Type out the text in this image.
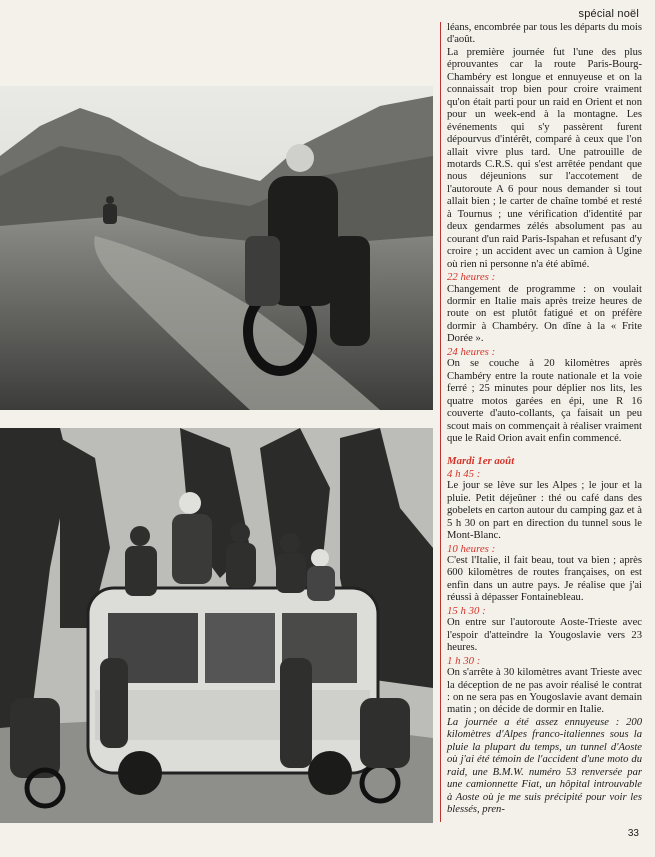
spécial noël

léans, encombrée par tous les départs du mois d'août.

La première journée fut l'une des plus éprouvantes car la route Paris-Bourg-Chambéry est longue et ennuyeuse et on la connaissait trop bien pour croire vraiment qu'on était parti pour un raid en Orient et non pour un week-end à la montagne. Les événements qui s'y passèrent furent dépourvus d'intérêt, comparé à ceux que l'on allait vivre plus tard. Une patrouille de motards C.R.S. qui s'est arrêtée pendant que nous déjeunions sur l'accotement de l'autoroute A 6 pour nous demander si tout allait bien ; le carter de chaîne tombé et resté à Tournus ; une vérification d'identité par deux gendarmes zélés absolument pas au courant d'un raid Paris-Ispahan et refusant d'y croire ; un accident avec un camion à Ugine où rien ni personne n'a été abîmé.

22 heures :

Changement de programme : on voulait dormir en Italie mais après treize heures de route on est plutôt fatigué et on préfère dormir à Chambéry. On dîne à la « Frite Dorée ».

24 heures :

On se couche à 20 kilomètres après Chambéry entre la route nationale et la voie ferré ; 25 minutes pour déplier nos lits, les quatre motos garées en épi, une R 16 couverte d'auto-collants, ça faisait un peu scout mais on commençait à réaliser vraiment que le Raid Orion avait enfin commencé.

Mardi 1er août
4 h 45 :

Le jour se lève sur les Alpes ; le jour et la pluie. Petit déjeûner : thé ou café dans des gobelets en carton autour du camping gaz et à 5 h 30 on part en direction du tunnel sous le Mont-Blanc.

10 heures :

C'est l'Italie, il fait beau, tout va bien ; après 600 kilomètres de routes françaises, on est enfin dans un autre pays. Je réalise que j'ai réussi à dépasser Fontainebleau.

15 h 30 :

On entre sur l'autoroute Aoste-Trieste avec l'espoir d'atteindre la Yougoslavie vers 23 heures.

1 h 30 :

On s'arrête à 30 kilomètres avant Trieste avec la déception de ne pas avoir réalisé le contrat : on ne sera pas en Yougoslavie avant demain matin ; on décide de dormir en Italie.

La journée a été assez ennuyeuse : 200 kilomètres d'Alpes franco-italiennes sous la pluie la plupart du temps, un tunnel d'Aoste où j'ai été témoin de l'accident d'une moto du raid, une B.M.W. numéro 53 renversée par une camionnette Fiat, un hôpital introuvable à Aoste où je me suis précipité pour voir les blessés, pren-

33
